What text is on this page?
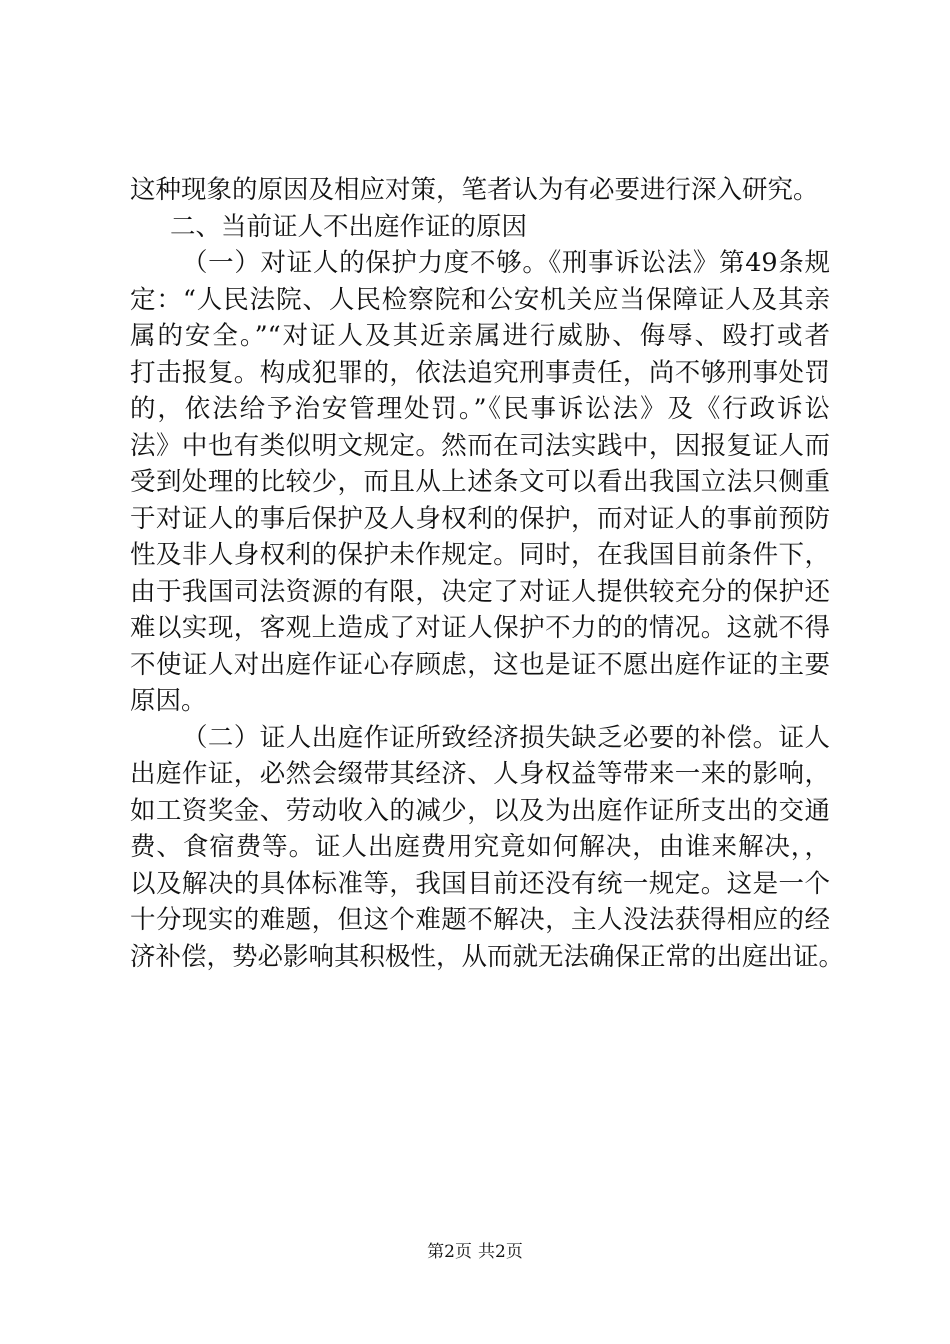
这种现象的原因及相应对策，笔者认为有必要进行深入研究。
二、当前证人不出庭作证的原因
（一）对证人的保护力度不够。《刑事诉讼法》第49条规
定：“人民法院、人民检察院和公安机关应当保障证人及其亲
属的安全。”“对证人及其近亲属进行威胁、侮辱、殴打或者
打击报复。构成犯罪的，依法追究刑事责任，尚不够刑事处罚
的，依法给予治安管理处罚。”《民事诉讼法》及《行政诉讼
法》中也有类似明文规定。然而在司法实践中，因报复证人而
受到处理的比较少，而且从上述条文可以看出我国立法只侧重
于对证人的事后保护及人身权利的保护，而对证人的事前预防
性及非人身权利的保护未作规定。同时，在我国目前条件下，
由于我国司法资源的有限，决定了对证人提供较充分的保护还
难以实现，客观上造成了对证人保护不力的的情况。这就不得
不使证人对出庭作证心存顾虑，这也是证不愿出庭作证的主要
原因。
（二）证人出庭作证所致经济损失缺乏必要的补偿。证人
出庭作证，必然会缀带其经济、人身权益等带来一来的影响，
如工资奖金、劳动收入的减少，以及为出庭作证所支出的交通
费、食宿费等。证人出庭费用究竟如何解决，由谁来解决，，
以及解决的具体标准等，我国目前还没有统一规定。这是一个
十分现实的难题，但这个难题不解决，主人没法获得相应的经
济补偿，势必影响其积极性，从而就无法确保正常的出庭出证。
第2页 共2页
